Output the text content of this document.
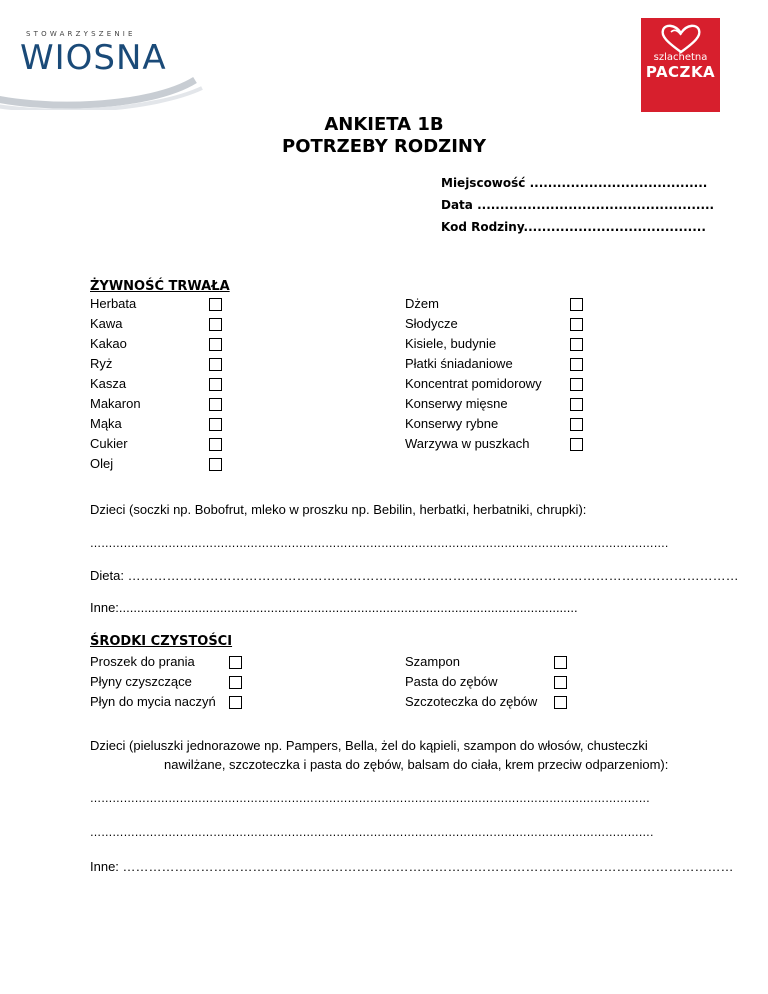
STOWARZYSZENIE
WIOSNA	szlachetna
PACZKA
ANKIETA 1B
POTRZEBY RODZINY
Miejscowość .......................................
Data ....................................................
Kod Rodziny........................................
ŻYWNOŚĆ TRWAŁA
Herbata
Kawa
Kakao
Ryż
Kasza
Makaron
Mąka
Cukier
Olej
Dżem
Słodycze
Kisiele, budynie
Płatki śniadaniowe
Koncentrat pomidorowy
Konserwy mięsne
Konserwy rybne
Warzywa w puszkach
Dzieci (soczki np. Bobofrut, mleko w proszku np. Bebilin, herbatki, herbatniki, chrupki):
………………………………………………………………………………………………………………………………….…….
Dieta: ……………………………………………………………………………………………………………………………
Inne:...............................................................................................................................
ŚRODKI CZYSTOŚCI
Proszek do prania
Płyny czyszczące
Płyn do mycia naczyń
Szampon
Pasta do zębów
Szczoteczka do zębów
Dzieci (pieluszki jednorazowe np. Pampers, Bella, żel do kąpieli, szampon do włosów, chusteczki
nawilżane, szczoteczka i pasta do zębów, balsam do ciała, krem przeciw odparzeniom):
……………………………………………………………………………………………………………………………………
…………………………………………………………………………………………………………………………………….
Inne: ……………………………………………………………………………………………………………………………
